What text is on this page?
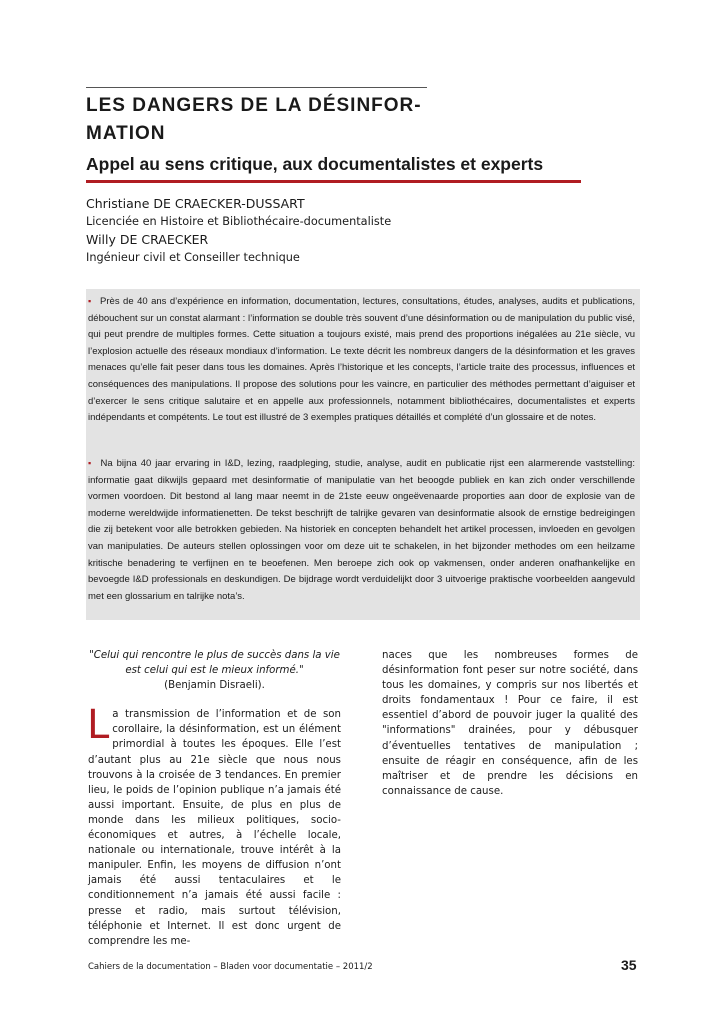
LES DANGERS DE LA DÉSINFOR-
MATION
Appel au sens critique, aux documentalistes et experts
Christiane DE CRAECKER-DUSSART
Licenciée en Histoire et Bibliothécaire-documentaliste
Willy DE CRAECKER
Ingénieur civil et Conseiller technique

▪ Près de 40 ans d’expérience en information, documentation, lectures, consultations, études, analyses, audits et publications, débouchent sur un constat alarmant : l’information se double très souvent d’une désinformation ou de manipulation du public visé, qui peut prendre de multiples formes. Cette situation a toujours existé, mais prend des proportions inégalées au 21e siècle, vu l’explosion actuelle des réseaux mondiaux d’information. Le texte décrit les nombreux dangers de la désinformation et les graves menaces qu’elle fait peser dans tous les domaines. Après l’historique et les concepts, l’article traite des processus, influences et conséquences des manipulations. Il propose des solutions pour les vaincre, en particulier des méthodes permettant d’aiguiser et d’exercer le sens critique salutaire et en appelle aux professionnels, notamment bibliothécaires, documentalistes et experts indépendants et compétents. Le tout est illustré de 3 exemples pratiques détaillés et complété d’un glossaire et de notes.

▪ Na bijna 40 jaar ervaring in I&D, lezing, raadpleging, studie, analyse, audit en publicatie rijst een alarmerende vaststelling: informatie gaat dikwijls gepaard met desinformatie of manipulatie van het beoogde publiek en kan zich onder verschillende vormen voordoen. Dit bestond al lang maar neemt in de 21ste eeuw ongeëvenaarde proporties aan door de explosie van de moderne wereldwijde informatienetten. De tekst beschrijft de talrijke gevaren van desinformatie alsook de ernstige bedreigingen die zij betekent voor alle betrokken gebieden. Na historiek en concepten behandelt het artikel processen, invloeden en gevolgen van manipulaties. De auteurs stellen oplossingen voor om deze uit te schakelen, in het bijzonder methodes om een heilzame kritische benadering te verfijnen en te beoefenen. Men beroepe zich ook op vakmensen, onder anderen onafhankelijke en bevoegde I&D professionals en deskundigen. De bijdrage wordt verduidelijkt door 3 uitvoerige praktische voorbeelden aangevuld met een glossarium en talrijke nota’s.

"Celui qui rencontre le plus de succès dans la vie est celui qui est le mieux informé."

(Benjamin Disraeli).

La transmission de l’information et de son corollaire, la désinformation, est un élément primordial à toutes les époques. Elle l’est d’autant plus au 21e siècle que nous nous trouvons à la croisée de 3 tendances. En premier lieu, le poids de l’opinion publique n’a jamais été aussi important. Ensuite, de plus en plus de monde dans les milieux politiques, socio-économiques et autres, à l’échelle locale, nationale ou internationale, trouve intérêt à la manipuler. Enfin, les moyens de diffusion n’ont jamais été aussi tentaculaires et le conditionnement n’a jamais été aussi facile : presse et radio, mais surtout télévision, téléphonie et Internet. Il est donc urgent de comprendre les me-

naces que les nombreuses formes de désinformation font peser sur notre société, dans tous les domaines, y compris sur nos libertés et droits fondamentaux ! Pour ce faire, il est essentiel d’abord de pouvoir juger la qualité des "informations" drainées, pour y débusquer d’éventuelles tentatives de manipulation ; ensuite de réagir en conséquence, afin de les maîtriser et de prendre les décisions en connaissance de cause.

Cahiers de la documentation – Bladen voor documentatie – 2011/2	35
